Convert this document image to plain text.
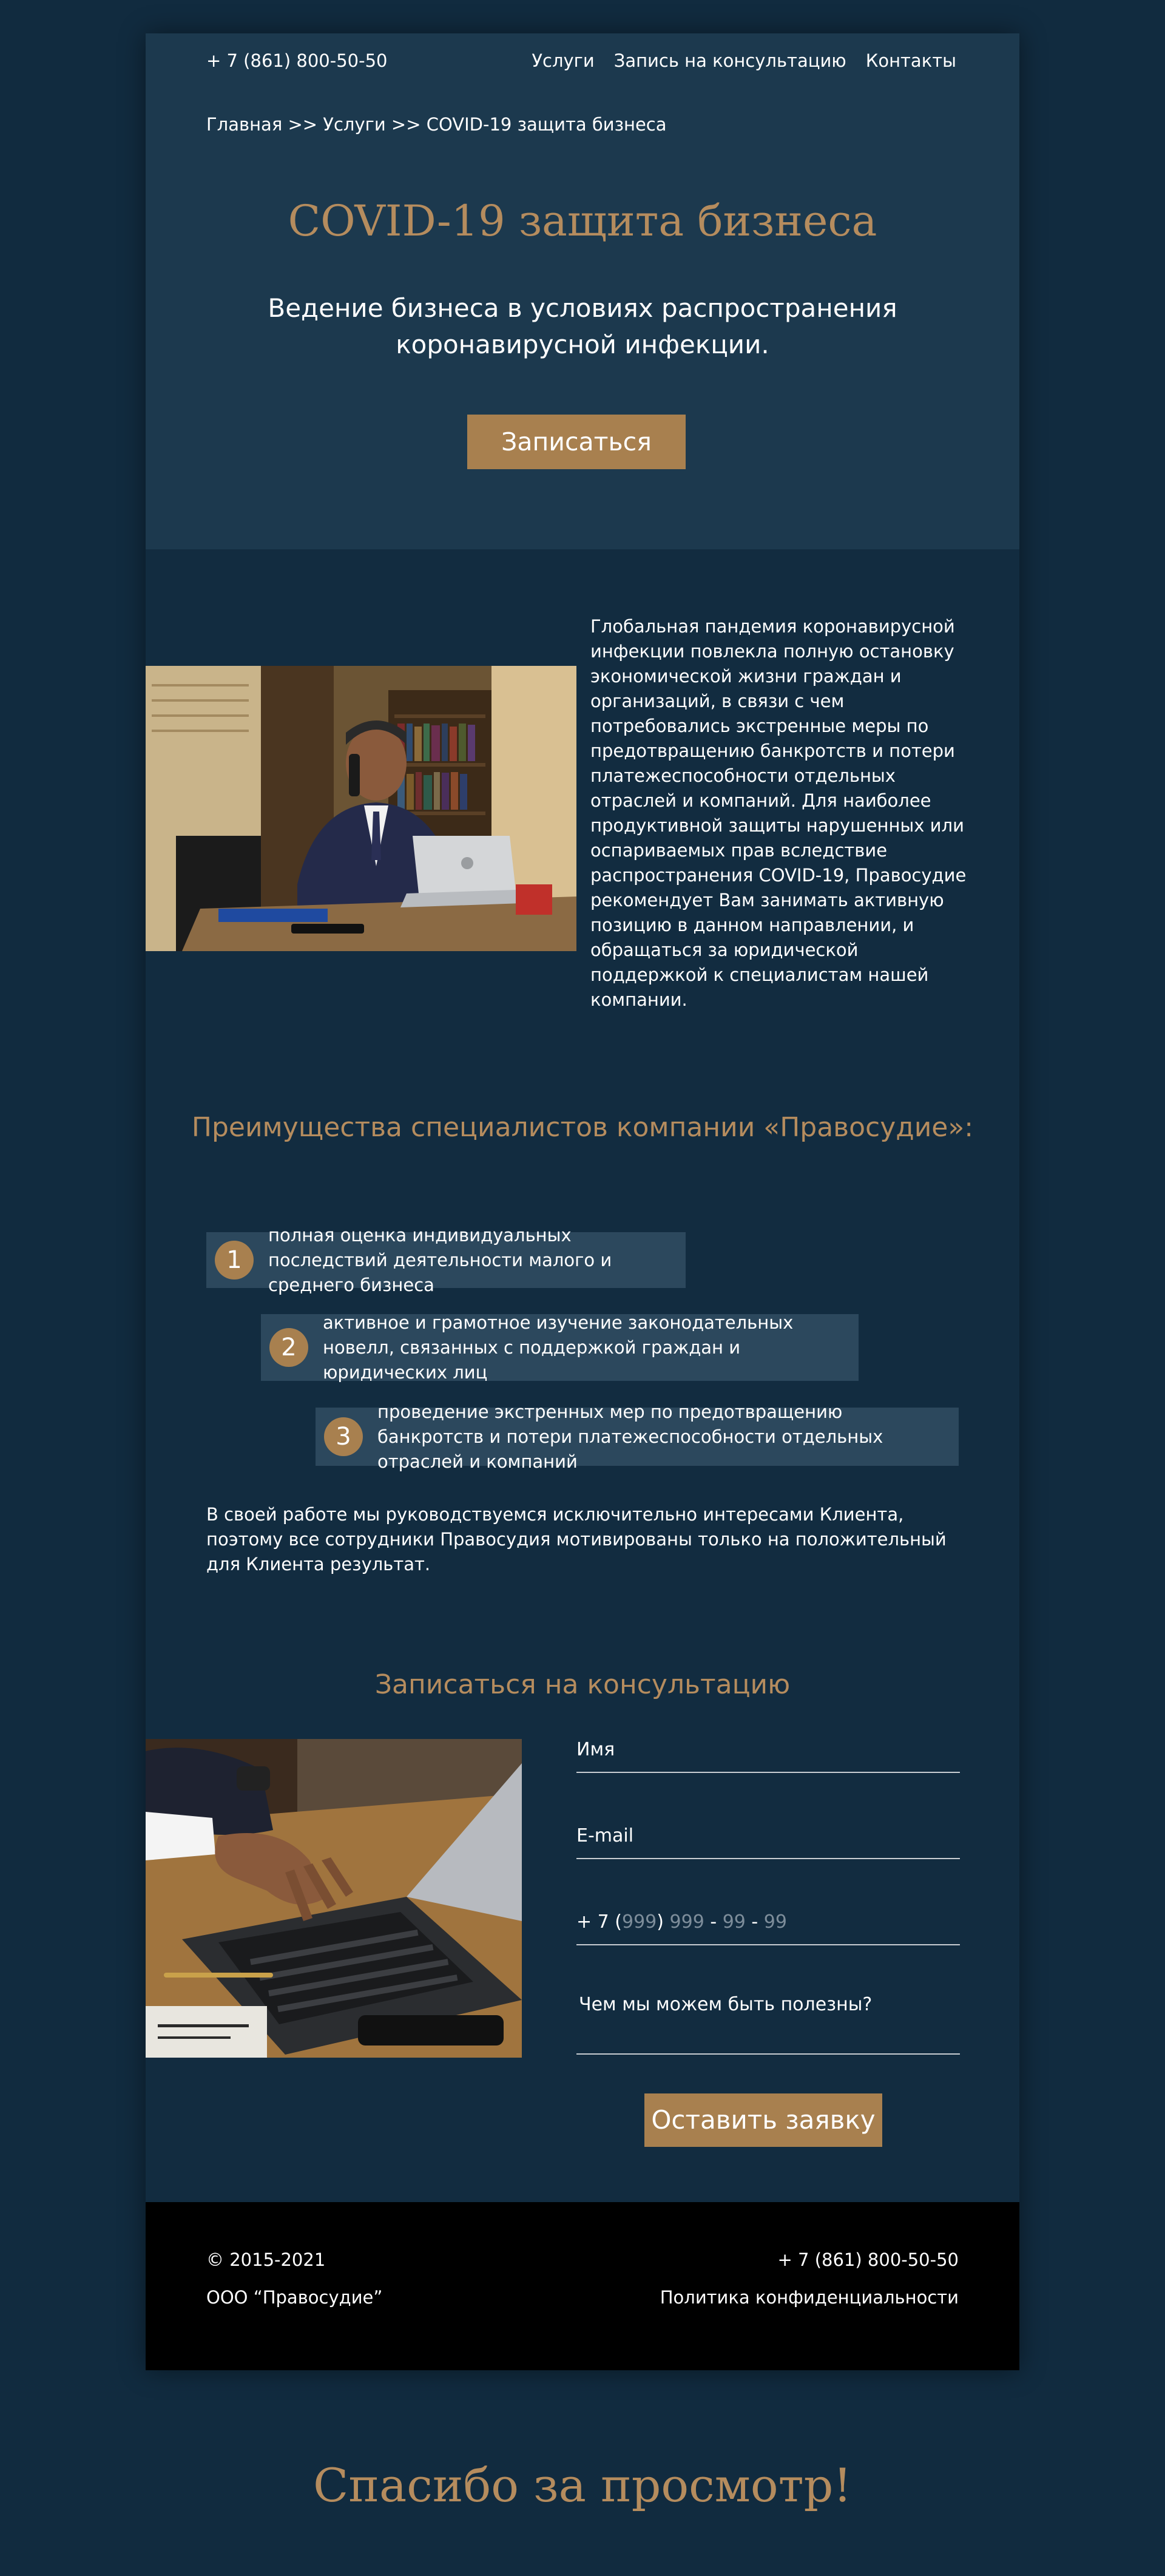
+ 7 (861) 800-50-50	Услуги Запись на консультацию Контакты
Главная >> Услуги >> COVID-19 защита бизнеса
COVID-19 защита бизнеса
Ведение бизнеса в условиях распространения коронавирусной инфекции.
Записаться
Глобальная пандемия коронавирусной инфекции повлекла полную остановку экономической жизни граждан и организаций, в связи с чем потребовались экстренные меры по предотвращению банкротств и потери платежеспособности отдельных отраслей и компаний. Для наиболее продуктивной защиты нарушенных или оспариваемых прав вследствие распространения COVID-19, Правосудие рекомендует Вам занимать активную позицию в данном направлении, и обращаться за юридической поддержкой к специалистам нашей компании.
Преимущества специалистов компании «Правосудие»:
1
полная оценка индивидуальных последствий деятельности малого и среднего бизнеса
2
активное и грамотное изучение законодательных новелл, связанных с поддержкой граждан и юридических лиц
3
проведение экстренных мер по предотвращению банкротств и потери платежеспособности отдельных отраслей и компаний
В своей работе мы руководствуемся исключительно интересами Клиента, поэтому все сотрудники Правосудия мотивированы только на положительный для Клиента результат.
Записаться на консультацию
Имя
E-mail
+ 7 (999) 999 - 99 - 99
Чем мы можем быть полезны?
Оставить заявку
© 2015-2021
ООО “Правосудие”
+ 7 (861) 800-50-50
Политика конфиденциальности
Спасибо за просмотр!
